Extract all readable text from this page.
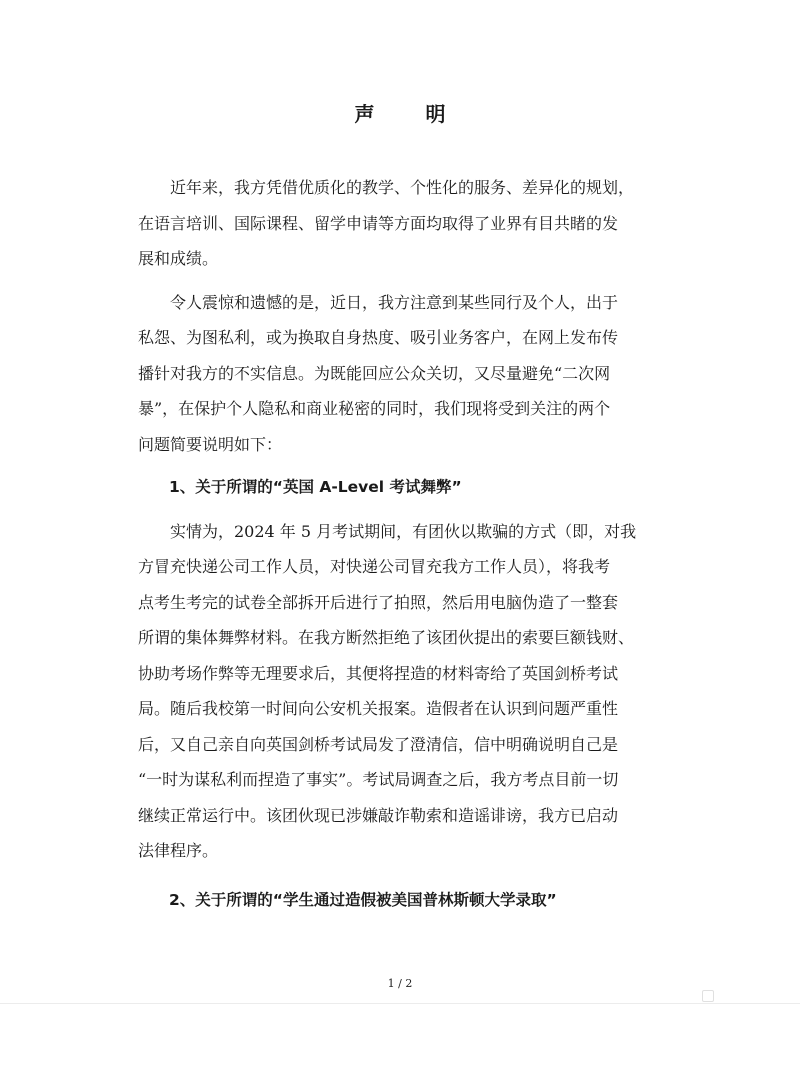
声 明

近年来，我方凭借优质化的教学、个性化的服务、差异化的规划，
在语言培训、国际课程、留学申请等方面均取得了业界有目共睹的发
展和成绩。

令人震惊和遗憾的是，近日，我方注意到某些同行及个人，出于
私怨、为图私利，或为换取自身热度、吸引业务客户，在网上发布传
播针对我方的不实信息。为既能回应公众关切，又尽量避免“二次网
暴”，在保护个人隐私和商业秘密的同时，我们现将受到关注的两个
问题简要说明如下：

1、关于所谓的“英国 A-Level 考试舞弊”

实情为，2024 年 5 月考试期间，有团伙以欺骗的方式（即，对我
方冒充快递公司工作人员，对快递公司冒充我方工作人员），将我考
点考生考完的试卷全部拆开后进行了拍照，然后用电脑伪造了一整套
所谓的集体舞弊材料。在我方断然拒绝了该团伙提出的索要巨额钱财、
协助考场作弊等无理要求后，其便将捏造的材料寄给了英国剑桥考试
局。随后我校第一时间向公安机关报案。造假者在认识到问题严重性
后，又自己亲自向英国剑桥考试局发了澄清信，信中明确说明自己是
“一时为谋私利而捏造了事实”。考试局调查之后，我方考点目前一切
继续正常运行中。该团伙现已涉嫌敲诈勒索和造谣诽谤，我方已启动
法律程序。

2、关于所谓的“学生通过造假被美国普林斯顿大学录取”

1 / 2
